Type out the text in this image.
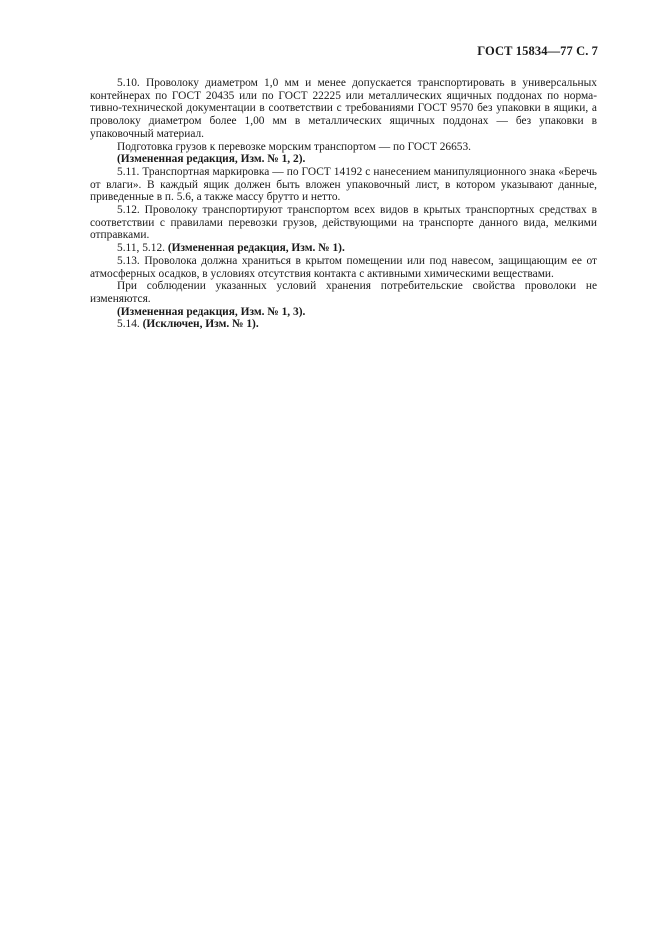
ГОСТ 15834—77 С. 7

5.10. Проволоку диаметром 1,0 мм и менее допускается транспортировать в универсальных контейнерах по ГОСТ 20435 или по ГОСТ 22225 или металлических ящичных поддонах по нормативно-технической документации в соответствии с требованиями ГОСТ 9570 без упаковки в ящики, а проволоку диаметром более 1,00 мм в металлических ящичных поддонах — без упаковки в упаковочный материал.

Подготовка грузов к перевозке морским транспортом — по ГОСТ 26653.

(Измененная редакция, Изм. № 1, 2).

5.11. Транспортная маркировка — по ГОСТ 14192 с нанесением манипуляционного знака «Беречь от влаги». В каждый ящик должен быть вложен упаковочный лист, в котором указывают данные, приведенные в п. 5.6, а также массу брутто и нетто.

5.12. Проволоку транспортируют транспортом всех видов в крытых транспортных средствах в соответствии с правилами перевозки грузов, действующими на транспорте данного вида, мелкими отправками.

5.11, 5.12. (Измененная редакция, Изм. № 1).

5.13. Проволока должна храниться в крытом помещении или под навесом, защищающим ее от атмосферных осадков, в условиях отсутствия контакта с активными химическими веществами.

При соблюдении указанных условий хранения потребительские свойства проволоки не изменяются.

(Измененная редакция, Изм. № 1, 3).

5.14. (Исключен, Изм. № 1).
